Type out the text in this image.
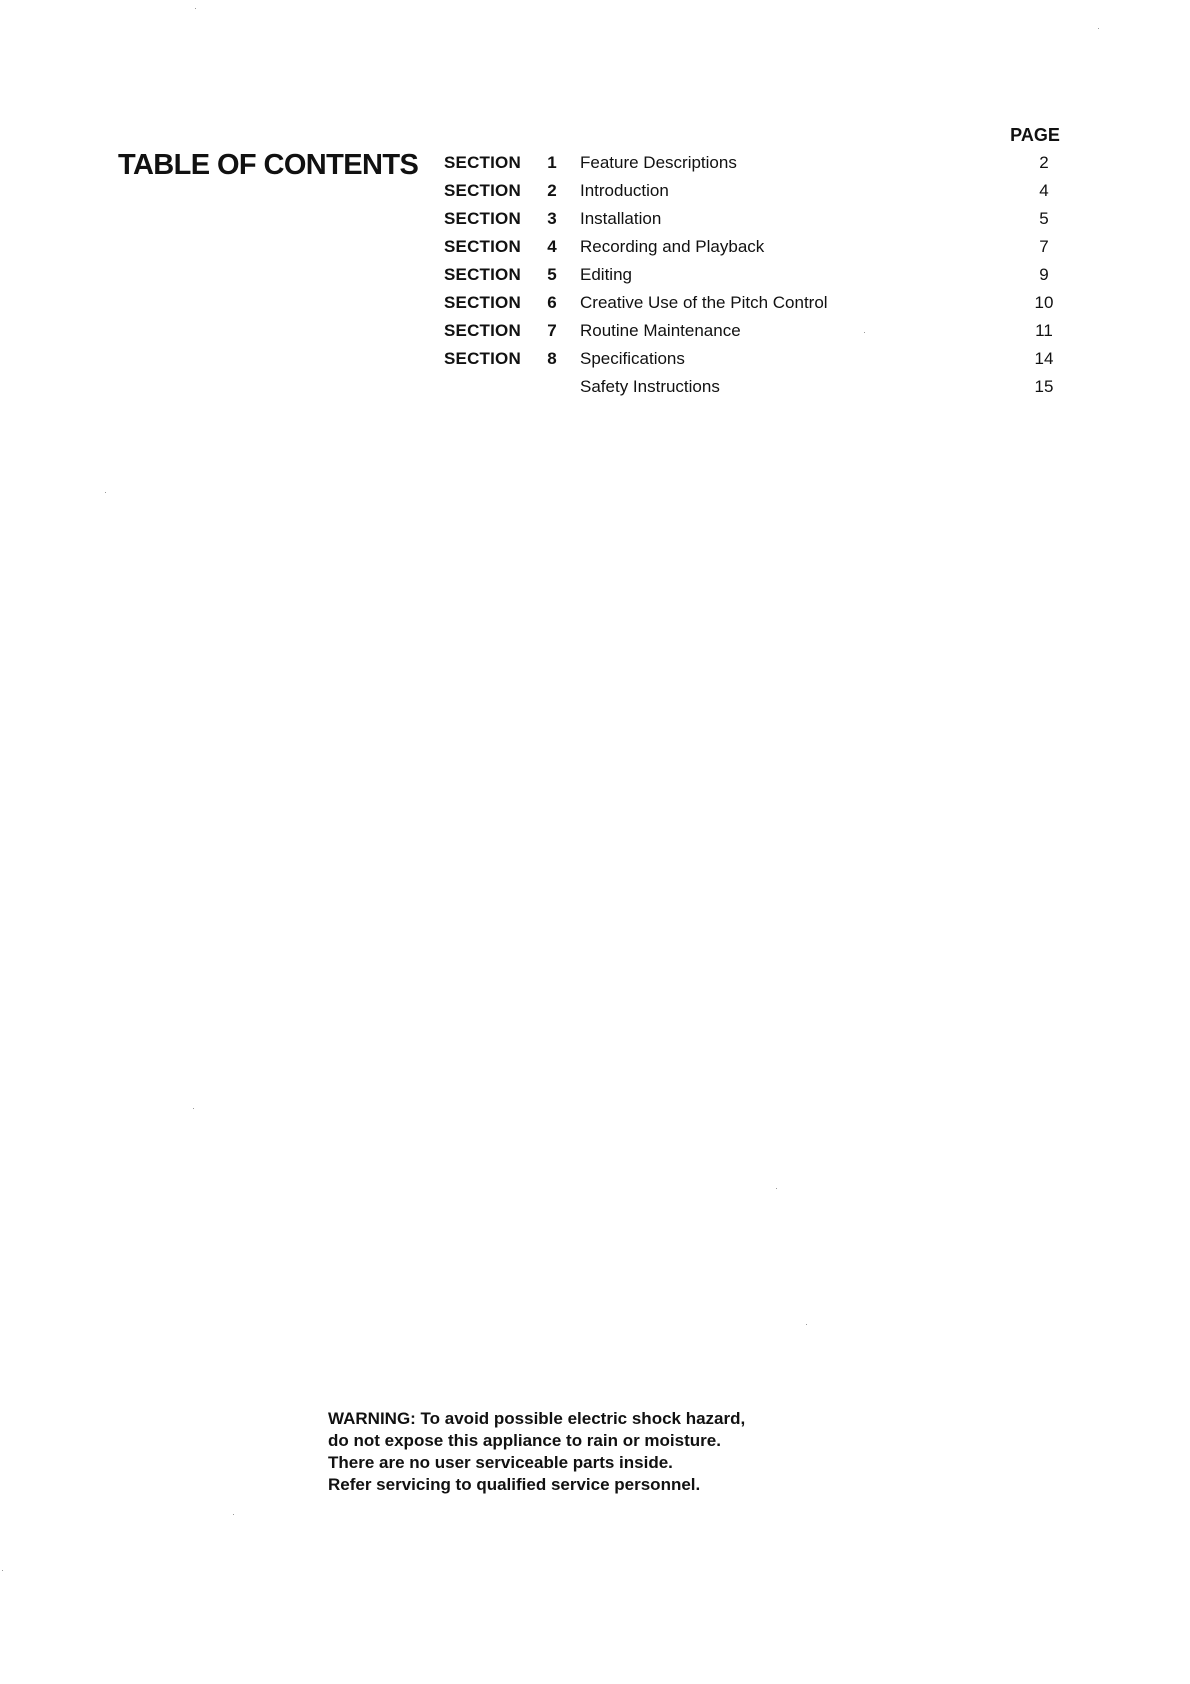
TABLE OF CONTENTS
PAGE
SECTION 1 Feature Descriptions	2
SECTION 2 Introduction	4
SECTION 3 Installation	5
SECTION 4 Recording and Playback	7
SECTION 5 Editing	9
SECTION 6 Creative Use of the Pitch Control	10
SECTION 7 Routine Maintenance	11
SECTION 8 Specifications	14
Safety Instructions	15
WARNING: To avoid possible electric shock hazard,
do not expose this appliance to rain or moisture.
There are no user serviceable parts inside.
Refer servicing to qualified service personnel.
